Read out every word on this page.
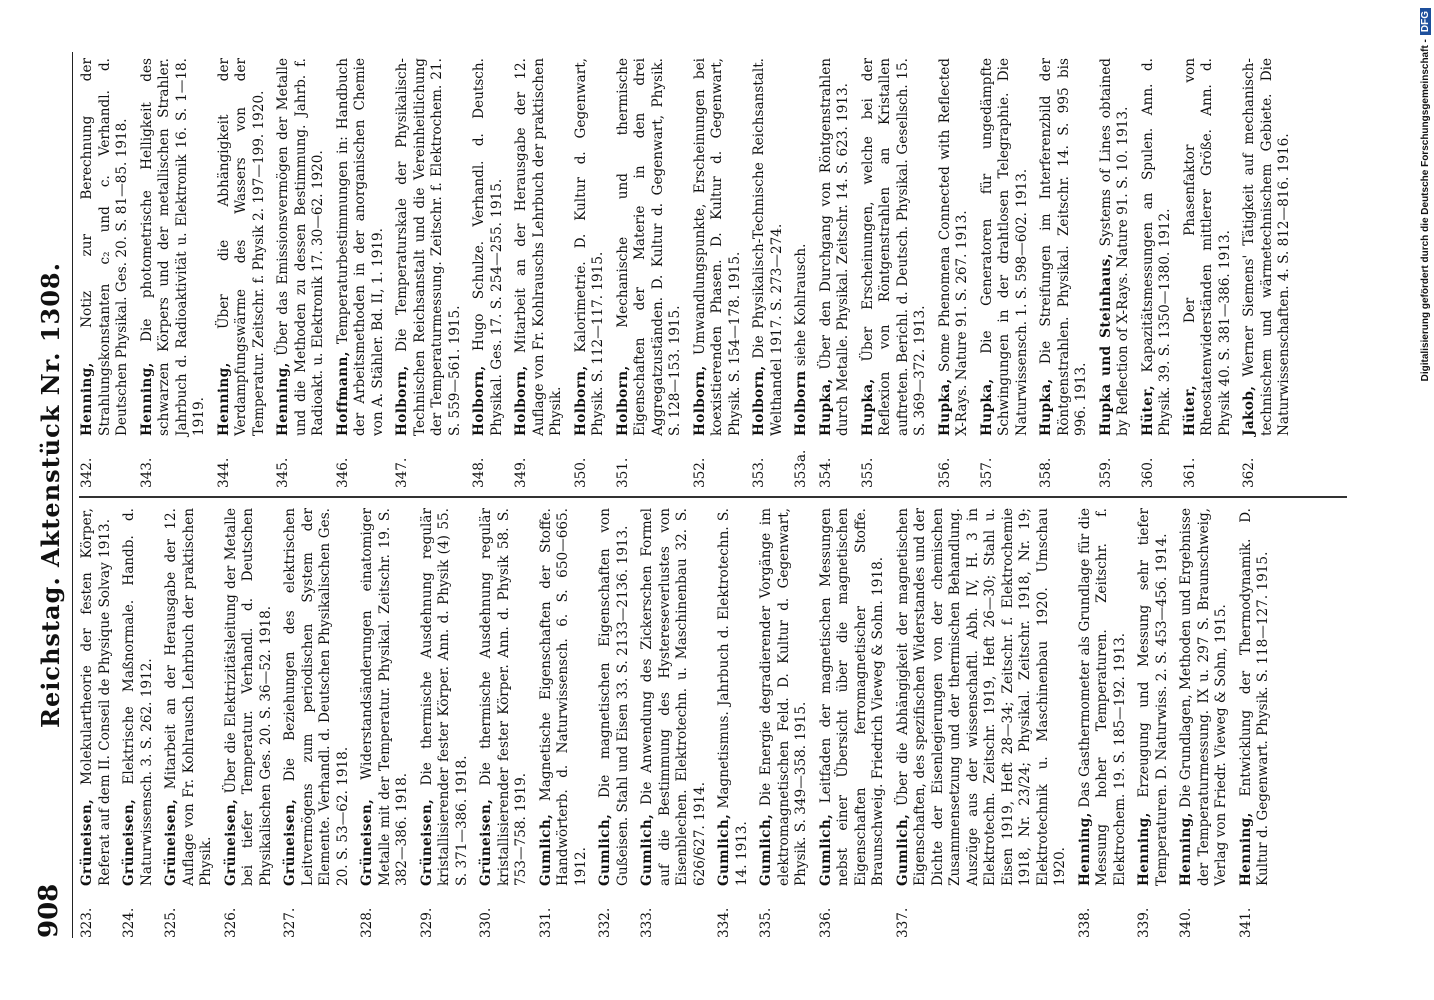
908
Reichstag. Aktenstück Nr. 1308.
323.
Grüneisen, Molekulartheorie der festen Körper, Referat auf dem II. Conseil de Physique Solvay 1913.
324.
Grüneisen, Elektrische Maßnormale. Handb. d. Naturwissensch. 3. S. 262. 1912.
325.
Grüneisen, Mitarbeit an der Herausgabe der 12. Auflage von Fr. Kohlrausch Lehrbuch der praktischen Physik.
326.
Grüneisen, Über die Elektrizitätsleitung der Metalle bei tiefer Temperatur. Verhandl. d. Deutschen Physikalischen Ges. 20. S. 36—52. 1918.
327.
Grüneisen, Die Beziehungen des elektrischen Leitvermögens zum periodischen System der Elemente. Verhandl. d. Deutschen Physikalischen Ges. 20. S. 53—62. 1918.
328.
Grüneisen, Widerstandsänderungen einatomiger Metalle mit der Temperatur. Physikal. Zeitschr. 19. S. 382—386. 1918.
329.
Grüneisen, Die thermische Ausdehnung regulär kristallisierender fester Körper. Ann. d. Physik (4) 55. S. 371—386. 1918.
330.
Grüneisen, Die thermische Ausdehnung regulär kristallisierender fester Körper. Ann. d. Physik 58. S. 753—758. 1919.
331.
Gumlich, Magnetische Eigenschaften der Stoffe. Handwörterb. d. Naturwissensch. 6. S. 650—665. 1912.
332.
Gumlich, Die magnetischen Eigenschaften von Gußeisen. Stahl und Eisen 33. S. 2133—2136. 1913.
333.
Gumlich, Die Anwendung des Zickerschen Formel auf die Bestimmung des Hystereseverlustes von Eisenblechen. Elektrotechn. u. Maschinenbau 32. S. 626/627. 1914.
334.
Gumlich, Magnetismus. Jahrbuch d. Elektrotechn. S. 14. 1913.
335.
Gumlich, Die Energie degradierender Vorgänge im elektromagnetischen Feld. D. Kultur d. Gegenwart, Physik. S. 349—358. 1915.
336.
Gumlich, Leitfaden der magnetischen Messungen nebst einer Übersicht über die magnetischen Eigenschaften ferromagnetischer Stoffe. Braunschweig. Friedrich Vieweg & Sohn. 1918.
337.
Gumlich, Über die Abhängigkeit der magnetischen Eigenschaften, des spezifischen Widerstandes und der Dichte der Eisenlegierungen von der chemischen Zusammensetzung und der thermischen Behandlung. Auszüge aus der wissenschaftl. Abh. IV, H. 3 in Elektrotechn. Zeitschr. 1919, Heft 26—30; Stahl u. Eisen 1919, Heft 28—34; Zeitschr. f. Elektrochemie 1918, Nr. 23/24; Physikal. Zeitschr. 1918, Nr. 19; Elektrotechnik u. Maschinenbau 1920. Umschau 1920.
338.
Henning, Das Gasthermometer als Grundlage für die Messung hoher Temperaturen. Zeitschr. f. Elektrochem. 19. S. 185—192. 1913.
339.
Henning, Erzeugung und Messung sehr tiefer Temperaturen. D. Naturwiss. 2. S. 453—456. 1914.
340.
Henning, Die Grundlagen, Methoden und Ergebnisse der Temperaturmessung. IX u. 297 S. Braunschweig, Verlag von Friedr. Vieweg & Sohn, 1915.
341.
Henning, Entwicklung der Thermodynamik. D. Kultur d. Gegenwart. Physik. S. 118—127. 1915.
342.
Henning, Notiz zur Berechnung der Strahlungskonstanten c₂ und c. Verhandl. d. Deutschen Physikal. Ges. 20. S. 81—85. 1918.
343.
Henning, Die photometrische Helligkeit des schwarzen Körpers und der metallischen Strahler. Jahrbuch d. Radioaktivität u. Elektronik 16. S. 1—18. 1919.
344.
Henning, Über die Abhängigkeit der Verdampfungswärme des Wassers von der Temperatur. Zeitschr. f. Physik 2. 197—199. 1920.
345.
Henning, Über das Emissionsvermögen der Metalle und die Methoden zu dessen Bestimmung. Jahrb. f. Radioakt. u. Elektronik 17. 30—62. 1920.
346.
Hoffmann, Temperaturbestimmungen in: Handbuch der Arbeitsmethoden in der anorganischen Chemie von A. Stähler. Bd. II, 1. 1919.
347.
Holborn, Die Temperaturskale der Physikalisch-Technischen Reichsanstalt und die Vereinheitlichung der Temperaturmessung. Zeitschr. f. Elektrochem. 21. S. 559—561. 1915.
348.
Holborn, Hugo Schulze. Verhandl. d. Deutsch. Physikal. Ges. 17. S. 254—255. 1915.
349.
Holborn, Mitarbeit an der Herausgabe der 12. Auflage von Fr. Kohlrauschs Lehrbuch der praktischen Physik.
350.
Holborn, Kalorimetrie. D. Kultur d. Gegenwart, Physik. S. 112—117. 1915.
351.
Holborn, Mechanische und thermische Eigenschaften der Materie in den drei Aggregatzuständen. D. Kultur d. Gegenwart, Physik. S. 128—153. 1915.
352.
Holborn, Umwandlungspunkte, Erscheinungen bei koexistierenden Phasen. D. Kultur d. Gegenwart, Physik. S. 154—178. 1915.
353.
Holborn, Die Physikalisch-Technische Reichsanstalt. Welthandel 1917. S. 273—274.
353a.
Holborn siehe Kohlrausch.
354.
Hupka, Über den Durchgang von Röntgenstrahlen durch Metalle. Physikal. Zeitschr. 14. S. 623. 1913.
355.
Hupka, Über Erscheinungen, welche bei der Reflexion von Röntgenstrahlen an Kristallen auftreten. Berichl. d. Deutsch. Physikal. Gesellsch. 15. S. 369—372. 1913.
356.
Hupka, Some Phenomena Connected with Reflected X-Rays. Nature 91. S. 267. 1913.
357.
Hupka, Die Generatoren für ungedämpfte Schwingungen in der drahtlosen Telegraphie. Die Naturwissensch. 1. S. 598—602. 1913.
358.
Hupka, Die Streifungen im Interferenzbild der Röntgenstrahlen. Physikal. Zeitschr. 14. S. 995 bis 996. 1913.
359.
Hupka und Steinhaus, Systems of Lines obtained by Reflection of X-Rays. Nature 91. S. 10. 1913.
360.
Hüter, Kapazitätsmessungen an Spulen. Ann. d. Physik. 39. S. 1350—1380. 1912.
361.
Hüter, Der Phasenfaktor von Rheostatenwiderständen mittlerer Größe. Ann. d. Physik 40. S. 381—386. 1913.
362.
Jakob, Werner Siemens' Tätigkeit auf mechanisch-technischem und wärmetechnischem Gebiete. Die Naturwissenschaften. 4. S. 812—816. 1916.	Digitalisierung gefördert durch die Deutsche Forschungsgemeinschaft -DFG
